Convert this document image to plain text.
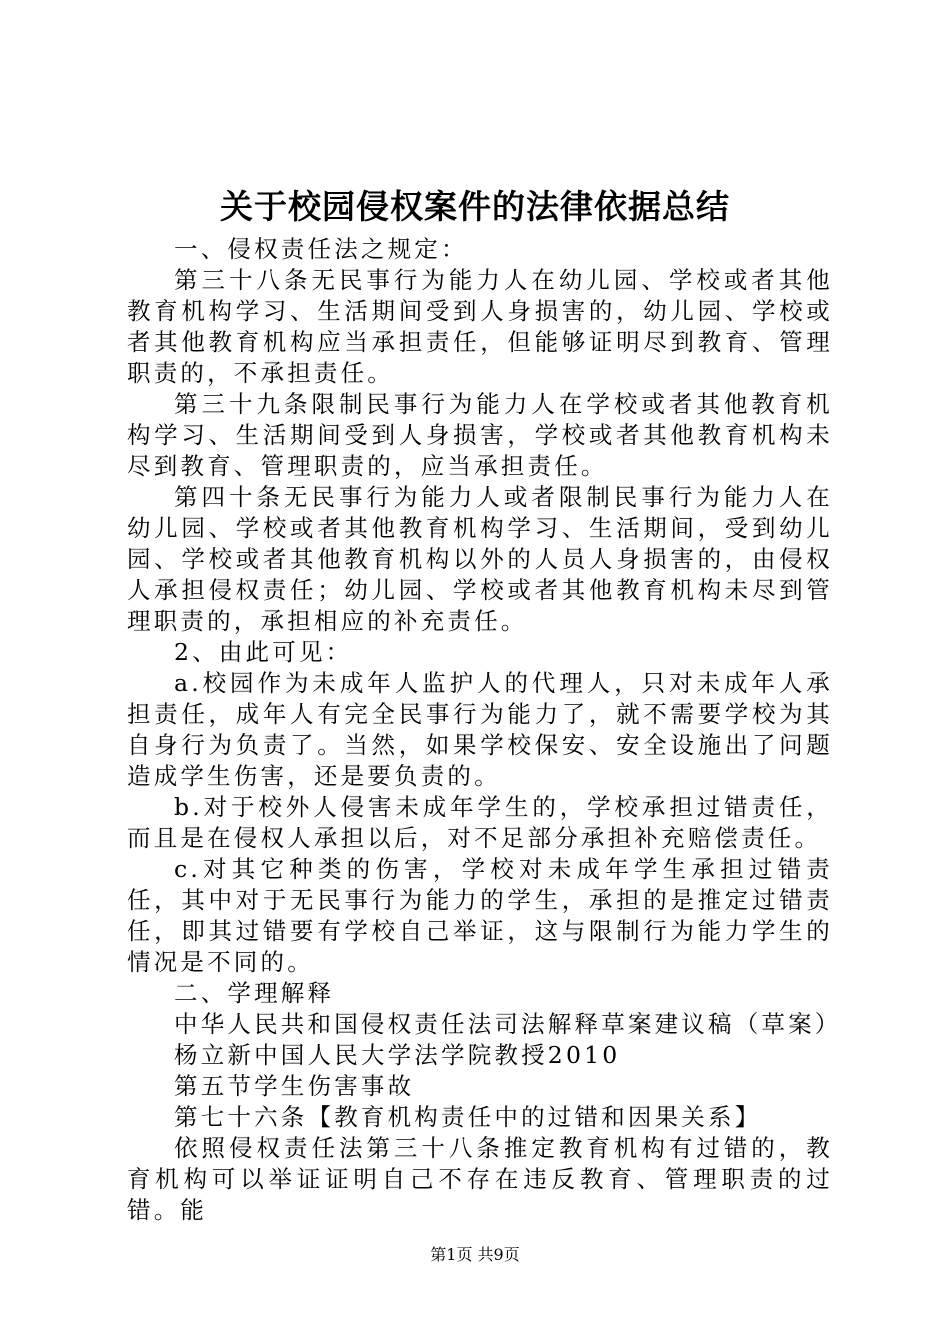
关于校园侵权案件的法律依据总结

一、侵权责任法之规定：

第三十八条无民事行为能力人在幼儿园、学校或者其他教育机构学习、生活期间受到人身损害的，幼儿园、学校或者其他教育机构应当承担责任，但能够证明尽到教育、管理职责的，不承担责任。

第三十九条限制民事行为能力人在学校或者其他教育机构学习、生活期间受到人身损害，学校或者其他教育机构未尽到教育、管理职责的，应当承担责任。

第四十条无民事行为能力人或者限制民事行为能力人在幼儿园、学校或者其他教育机构学习、生活期间，受到幼儿园、学校或者其他教育机构以外的人员人身损害的，由侵权人承担侵权责任；幼儿园、学校或者其他教育机构未尽到管理职责的，承担相应的补充责任。

2、由此可见：

a.校园作为未成年人监护人的代理人，只对未成年人承担责任，成年人有完全民事行为能力了，就不需要学校为其自身行为负责了。当然，如果学校保安、安全设施出了问题造成学生伤害，还是要负责的。

b.对于校外人侵害未成年学生的，学校承担过错责任，而且是在侵权人承担以后，对不足部分承担补充赔偿责任。

c.对其它种类的伤害，学校对未成年学生承担过错责任，其中对于无民事行为能力的学生，承担的是推定过错责任，即其过错要有学校自己举证，这与限制行为能力学生的情况是不同的。

二、学理解释

中华人民共和国侵权责任法司法解释草案建议稿（草案）

杨立新中国人民大学法学院教授2010

第五节学生伤害事故

第七十六条【教育机构责任中的过错和因果关系】

依照侵权责任法第三十八条推定教育机构有过错的，教育机构可以举证证明自己不存在违反教育、管理职责的过错。能

第1页 共9页
